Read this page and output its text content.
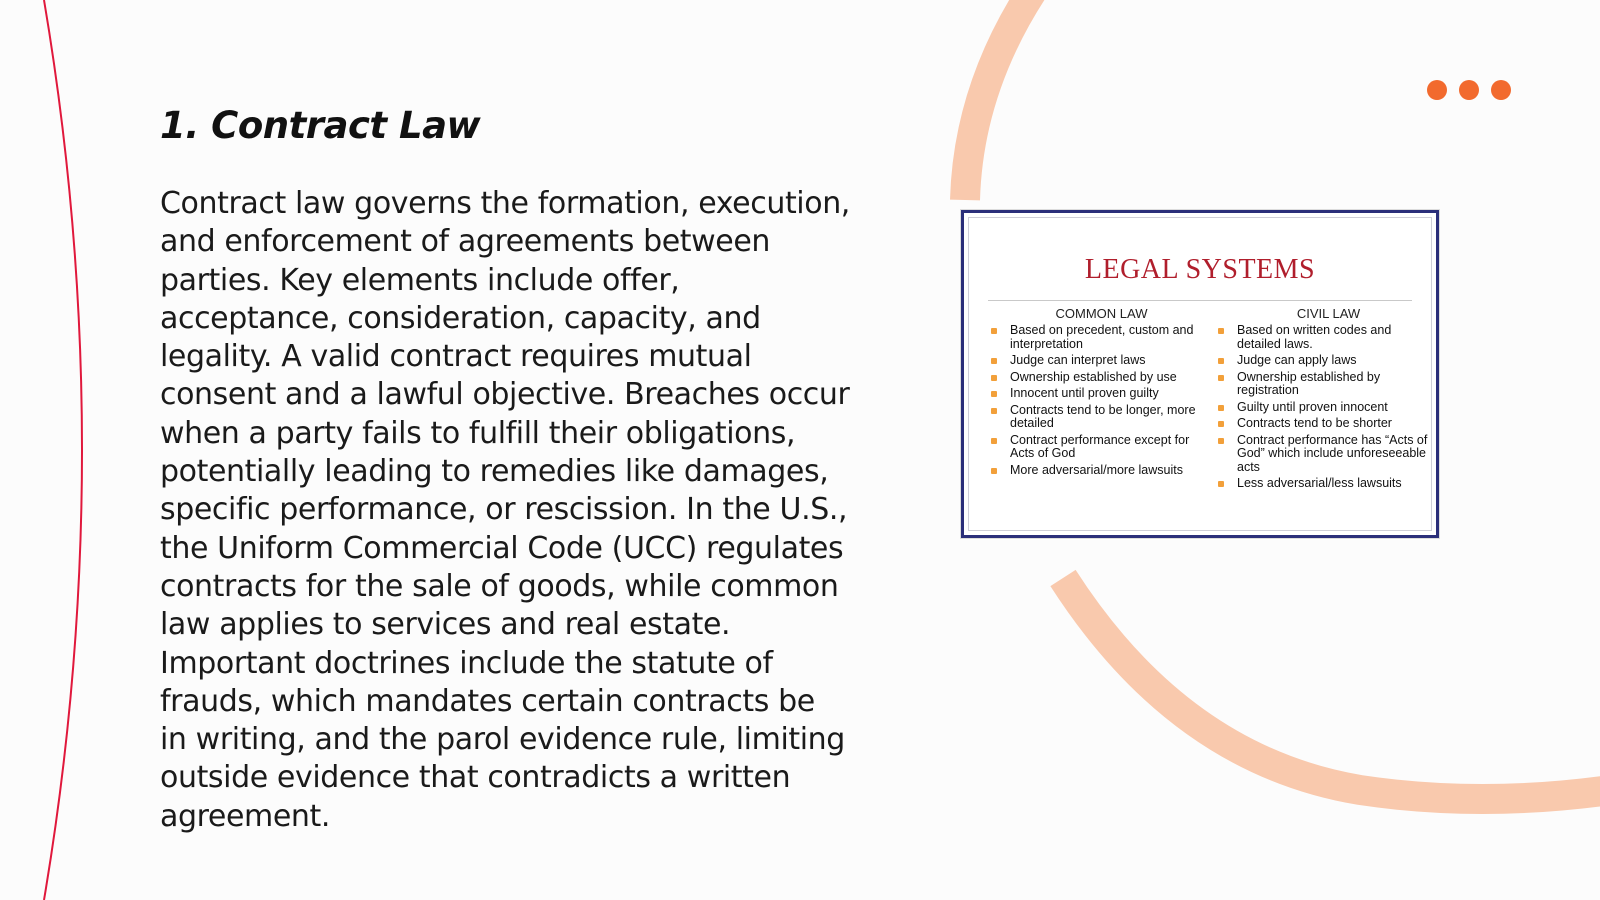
1. Contract Law
Contract law governs the formation, execution, and enforcement of agreements between parties. Key elements include offer, acceptance, consideration, capacity, and legality. A valid contract requires mutual consent and a lawful objective. Breaches occur when a party fails to fulfill their obligations, potentially leading to remedies like damages, specific performance, or rescission. In the U.S., the Uniform Commercial Code (UCC) regulates contracts for the sale of goods, while common law applies to services and real estate. Important doctrines include the statute of frauds, which mandates certain contracts be in writing, and the parol evidence rule, limiting outside evidence that contradicts a written agreement.
LEGAL SYSTEMS
COMMON LAW
Based on precedent, custom and interpretation
Judge can interpret laws
Ownership established by use
Innocent until proven guilty
Contracts tend to be longer, more detailed
Contract performance except for Acts of God
More adversarial/more lawsuits
CIVIL LAW
Based on written codes and detailed laws.
Judge can apply laws
Ownership established by registration
Guilty until proven innocent
Contracts tend to be shorter
Contract performance has “Acts of God” which include unforeseeable acts
Less adversarial/less lawsuits
